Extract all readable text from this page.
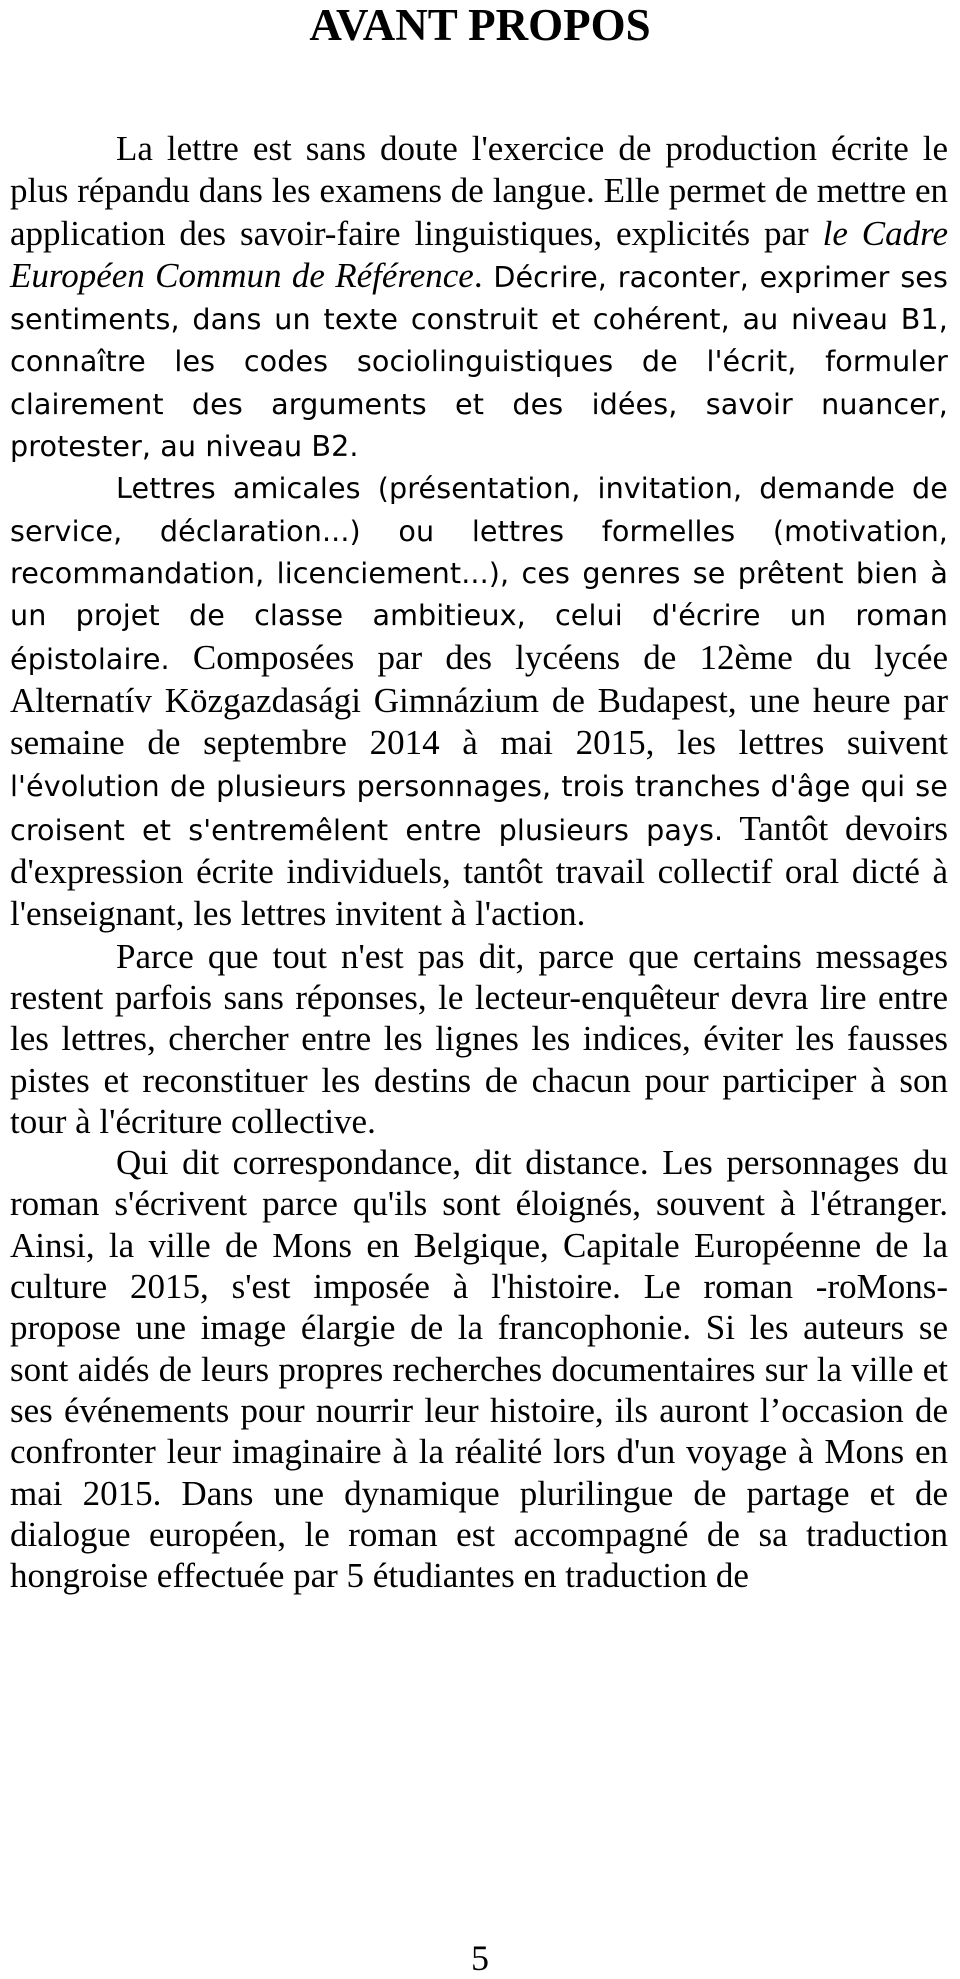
AVANT PROPOS

La lettre est sans doute l'exercice de production écrite le plus répandu dans les examens de langue. Elle permet de mettre en application des savoir-faire linguistiques, explicités par le Cadre Européen Commun de Référence. Décrire, raconter, exprimer ses sentiments, dans un texte construit et cohérent, au niveau B1, connaître les codes sociolinguistiques de l'écrit, formuler clairement des arguments et des idées, savoir nuancer, protester, au niveau B2.

Lettres amicales (présentation, invitation, demande de service, déclaration...) ou lettres formelles (motivation, recommandation, licenciement...), ces genres se prêtent bien à un projet de classe ambitieux, celui d'écrire un roman épistolaire. Composées par des lycéens de 12ème du lycée Alternatív Közgazdasági Gimnázium de Budapest, une heure par semaine de septembre 2014 à mai 2015, les lettres suivent l'évolution de plusieurs personnages, trois tranches d'âge qui se croisent et s'entremêlent entre plusieurs pays. Tantôt devoirs d'expression écrite individuels, tantôt travail collectif oral dicté à l'enseignant, les lettres invitent à l'action.

Parce que tout n'est pas dit, parce que certains messages restent parfois sans réponses, le lecteur-enquêteur devra lire entre les lettres, chercher entre les lignes les indices, éviter les fausses pistes et reconstituer les destins de chacun pour participer à son tour à l'écriture collective.

Qui dit correspondance, dit distance. Les personnages du roman s'écrivent parce qu'ils sont éloignés, souvent à l'étranger. Ainsi, la ville de Mons en Belgique, Capitale Européenne de la culture 2015, s'est imposée à l'histoire. Le roman -roMons- propose une image élargie de la francophonie. Si les auteurs se sont aidés de leurs propres recherches documentaires sur la ville et ses événements pour nourrir leur histoire, ils auront l’occasion de confronter leur imaginaire à la réalité lors d'un voyage à Mons en mai 2015. Dans une dynamique plurilingue de partage et de dialogue européen, le roman est accompagné de sa traduction hongroise effectuée par 5 étudiantes en traduction de

5
